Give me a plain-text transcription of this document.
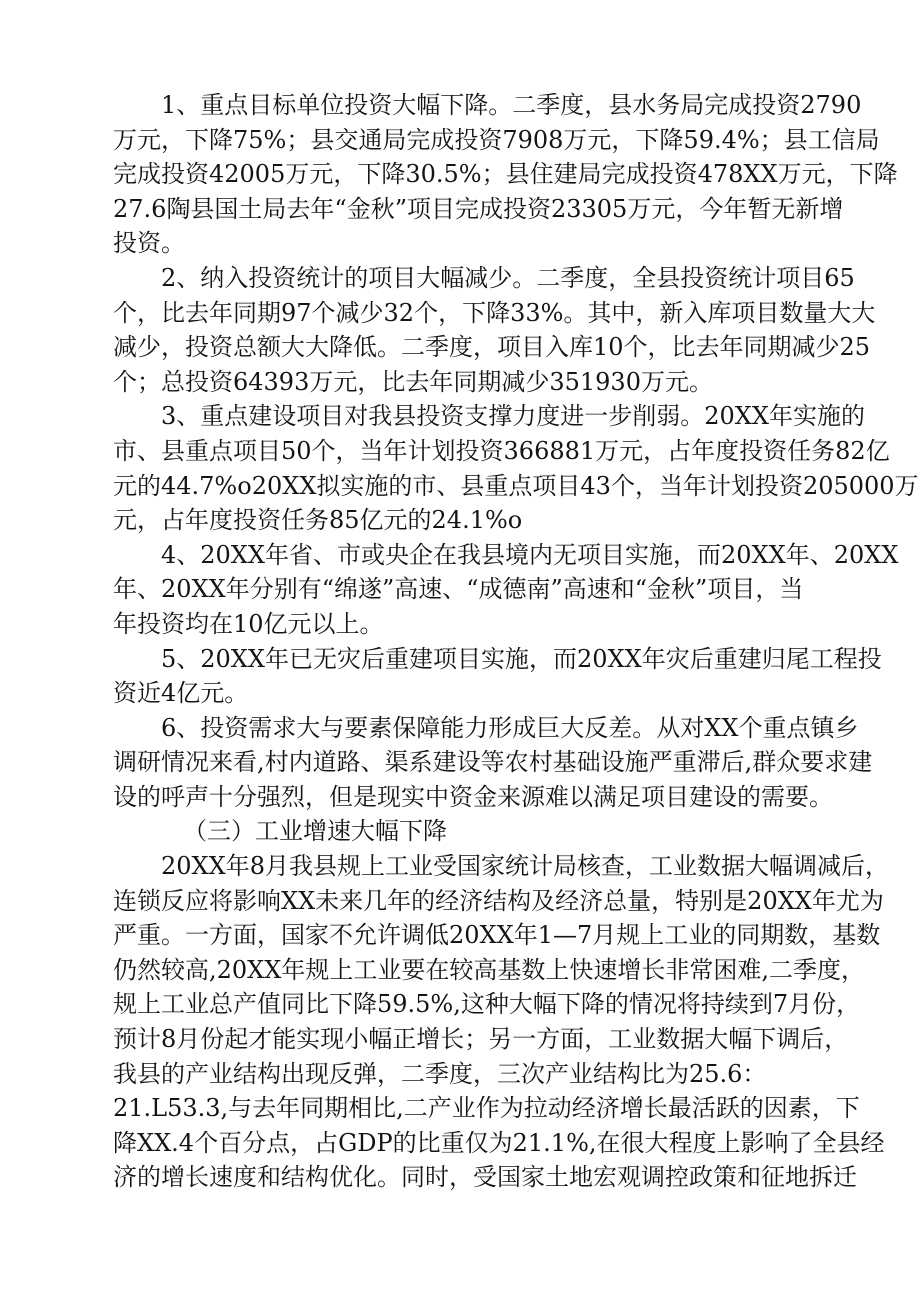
1、重点目标单位投资大幅下降。二季度，县水务局完成投资2790
万元，下降75%；县交通局完成投资7908万元，下降59.4%；县工信局
完成投资42005万元，下降30.5%；县住建局完成投资478XX万元，下降
27.6陶县国土局去年“金秋”项目完成投资23305万元，今年暂无新增
投资。
2、纳入投资统计的项目大幅减少。二季度，全县投资统计项目65
个，比去年同期97个减少32个，下降33%。其中，新入库项目数量大大
减少，投资总额大大降低。二季度，项目入库10个，比去年同期减少25
个；总投资64393万元，比去年同期减少351930万元。
3、重点建设项目对我县投资支撑力度进一步削弱。20XX年实施的
市、县重点项目50个，当年计划投资366881万元，占年度投资任务82亿
元的44.7%o20XX拟实施的市、县重点项目43个，当年计划投资205000万
元，占年度投资任务85亿元的24.1%o
4、20XX年省、市或央企在我县境内无项目实施，而20XX年、20XX
年、20XX年分别有“绵遂”高速、“成德南”高速和“金秋”项目，当
年投资均在10亿元以上。
5、20XX年已无灾后重建项目实施，而20XX年灾后重建归尾工程投
资近4亿元。
6、投资需求大与要素保障能力形成巨大反差。从对XX个重点镇乡
调研情况来看,村内道路、渠系建设等农村基础设施严重滞后,群众要求建
设的呼声十分强烈，但是现实中资金来源难以满足项目建设的需要。
（三）工业增速大幅下降
20XX年8月我县规上工业受国家统计局核查，工业数据大幅调减后，
连锁反应将影响XX未来几年的经济结构及经济总量，特别是20XX年尤为
严重。一方面，国家不允许调低20XX年1—7月规上工业的同期数，基数
仍然较高,20XX年规上工业要在较高基数上快速增长非常困难,二季度，
规上工业总产值同比下降59.5%,这种大幅下降的情况将持续到7月份，
预计8月份起才能实现小幅正增长；另一方面，工业数据大幅下调后，
我县的产业结构出现反弹，二季度，三次产业结构比为25.6：
21.L53.3,与去年同期相比,二产业作为拉动经济增长最活跃的因素，下
降XX.4个百分点，占GDP的比重仅为21.1%,在很大程度上影响了全县经
济的增长速度和结构优化。同时，受国家土地宏观调控政策和征地拆迁
